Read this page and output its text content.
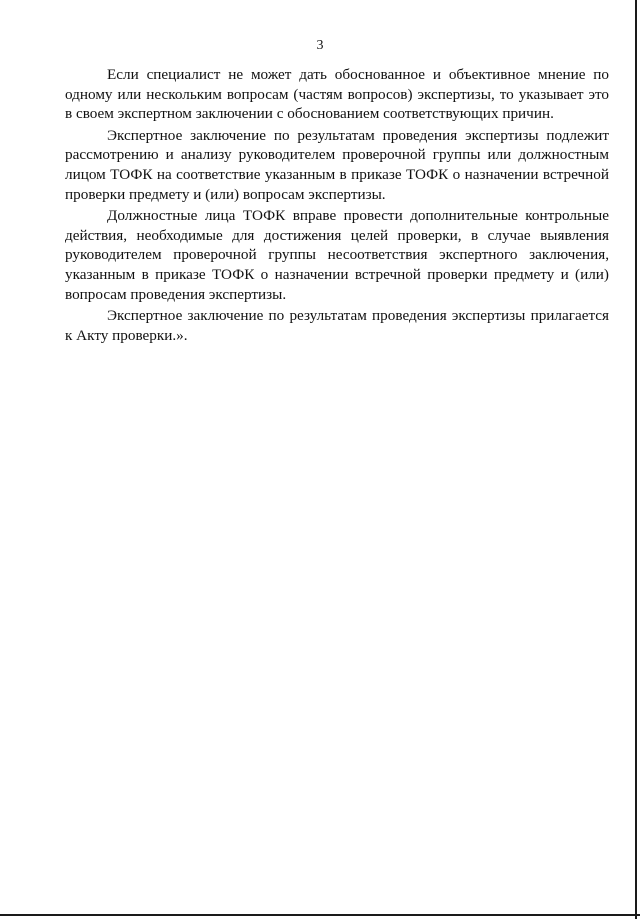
3

Если специалист не может дать обоснованное и объективное мнение по одному или нескольким вопросам (частям вопросов) экспертизы, то указывает это в своем экспертном заключении с обоснованием соответствующих причин.

Экспертное заключение по результатам проведения экспертизы подлежит рассмотрению и анализу руководителем проверочной группы или должностным лицом ТОФК на соответствие указанным в приказе ТОФК о назначении встречной проверки предмету и (или) вопросам экспертизы.

Должностные лица ТОФК вправе провести дополнительные контрольные действия, необходимые для достижения целей проверки, в случае выявления руководителем проверочной группы несоответствия экспертного заключения, указанным в приказе ТОФК о назначении встречной проверки предмету и (или) вопросам проведения экспертизы.

Экспертное заключение по результатам проведения экспертизы прилагается к Акту проверки.».
